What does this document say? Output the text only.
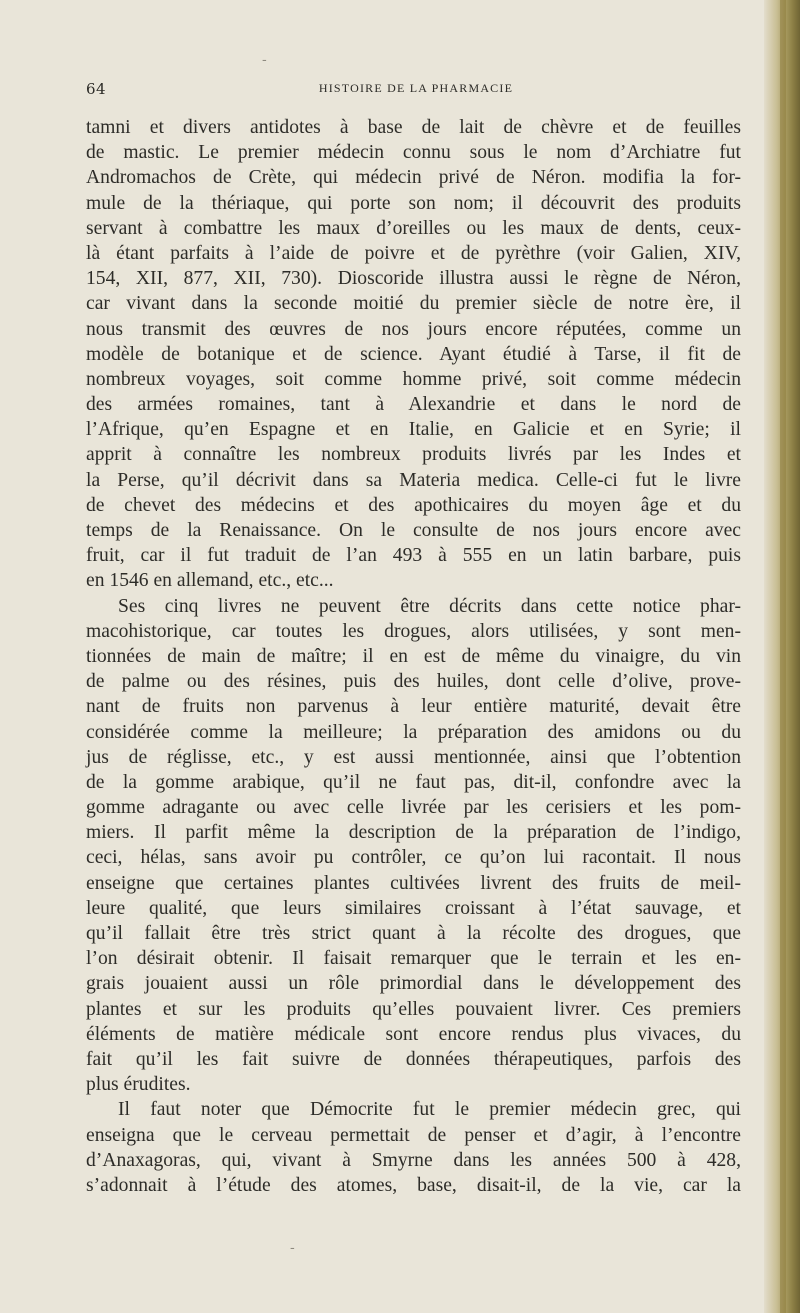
64	HISTOIRE DE LA PHARMACIE
tamni et divers antidotes à base de lait de chèvre et de feuilles
de mastic. Le premier médecin connu sous le nom d’Archiatre fut
Andromachos de Crète, qui médecin privé de Néron. modifia la for-
mule de la thériaque, qui porte son nom; il découvrit des produits
servant à combattre les maux d’oreilles ou les maux de dents, ceux-
là étant parfaits à l’aide de poivre et de pyrèthre (voir Galien, XIV,
154, XII, 877, XII, 730). Dioscoride illustra aussi le règne de Néron,
car vivant dans la seconde moitié du premier siècle de notre ère, il
nous transmit des œuvres de nos jours encore réputées, comme un
modèle de botanique et de science. Ayant étudié à Tarse, il fit de
nombreux voyages, soit comme homme privé, soit comme médecin
des armées romaines, tant à Alexandrie et dans le nord de
l’Afrique, qu’en Espagne et en Italie, en Galicie et en Syrie; il
apprit à connaître les nombreux produits livrés par les Indes et
la Perse, qu’il décrivit dans sa Materia medica. Celle-ci fut le livre
de chevet des médecins et des apothicaires du moyen âge et du
temps de la Renaissance. On le consulte de nos jours encore avec
fruit, car il fut traduit de l’an 493 à 555 en un latin barbare, puis
en 1546 en allemand, etc., etc...
Ses cinq livres ne peuvent être décrits dans cette notice phar-
macohistorique, car toutes les drogues, alors utilisées, y sont men-
tionnées de main de maître; il en est de même du vinaigre, du vin
de palme ou des résines, puis des huiles, dont celle d’olive, prove-
nant de fruits non parvenus à leur entière maturité, devait être
considérée comme la meilleure; la préparation des amidons ou du
jus de réglisse, etc., y est aussi mentionnée, ainsi que l’obtention
de la gomme arabique, qu’il ne faut pas, dit-il, confondre avec la
gomme adragante ou avec celle livrée par les cerisiers et les pom-
miers. Il parfit même la description de la préparation de l’indigo,
ceci, hélas, sans avoir pu contrôler, ce qu’on lui racontait. Il nous
enseigne que certaines plantes cultivées livrent des fruits de meil-
leure qualité, que leurs similaires croissant à l’état sauvage, et
qu’il fallait être très strict quant à la récolte des drogues, que
l’on désirait obtenir. Il faisait remarquer que le terrain et les en-
grais jouaient aussi un rôle primordial dans le développement des
plantes et sur les produits qu’elles pouvaient livrer. Ces premiers
éléments de matière médicale sont encore rendus plus vivaces, du
fait qu’il les fait suivre de données thérapeutiques, parfois des
plus érudites.
Il faut noter que Démocrite fut le premier médecin grec, qui
enseigna que le cerveau permettait de penser et d’agir, à l’encontre
d’Anaxagoras, qui, vivant à Smyrne dans les années 500 à 428,
s’adonnait à l’étude des atomes, base, disait-il, de la vie, car la
-
-
